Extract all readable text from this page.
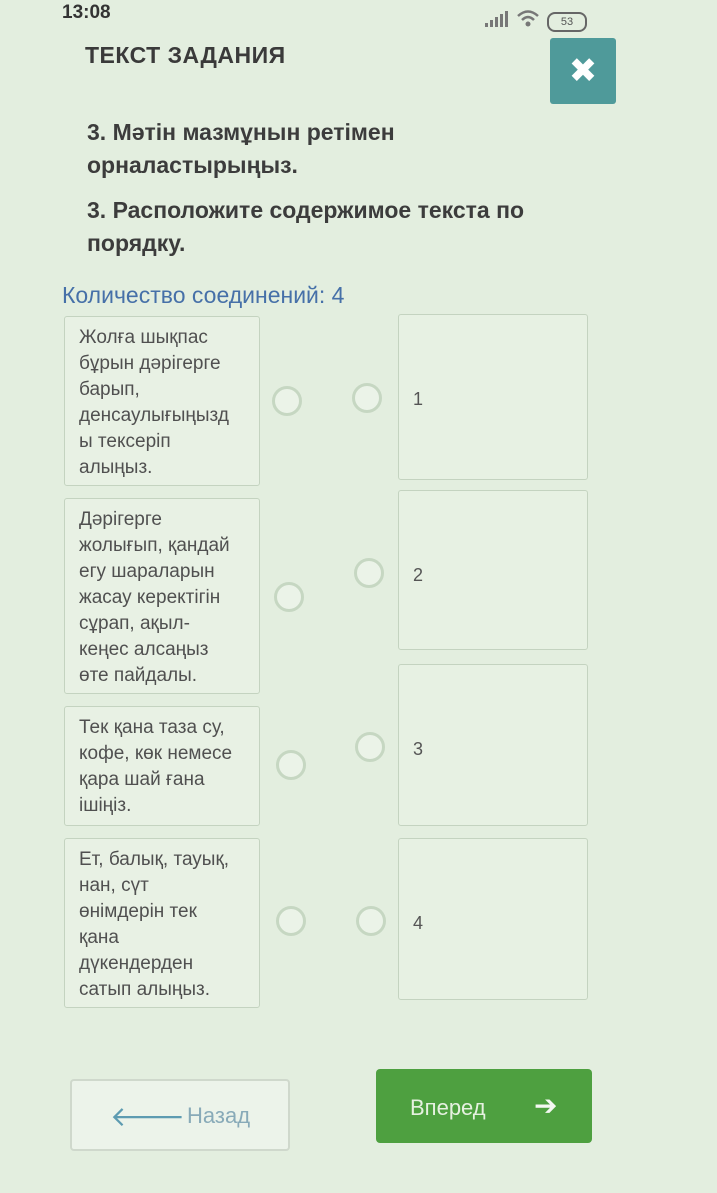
13:08	53
ТЕКСТ ЗАДАНИЯ	✖
3. Мәтін мазмұнын ретімен орналастырыңыз.
3. Расположите содержимое текста по порядку.
Количество соединений: 4
Жолға шықпас
бұрын дәрігерге
барып,
денсаулығыңызд
ы тексеріп
алыңыз.
Дәрігерге
жолығып, қандай
егу шараларын
жасау керектігін
сұрап, ақыл-
кеңес алсаңыз
өте пайдалы.
Тек қана таза су,
кофе, көк немесе
қара шай ғана
ішіңіз.
Ет, балық, тауық,
нан, сүт
өнімдерін тек
қана
дүкендерден
сатып алыңыз.
1
2
3
4
🡐 Назад	Вперед ➔
